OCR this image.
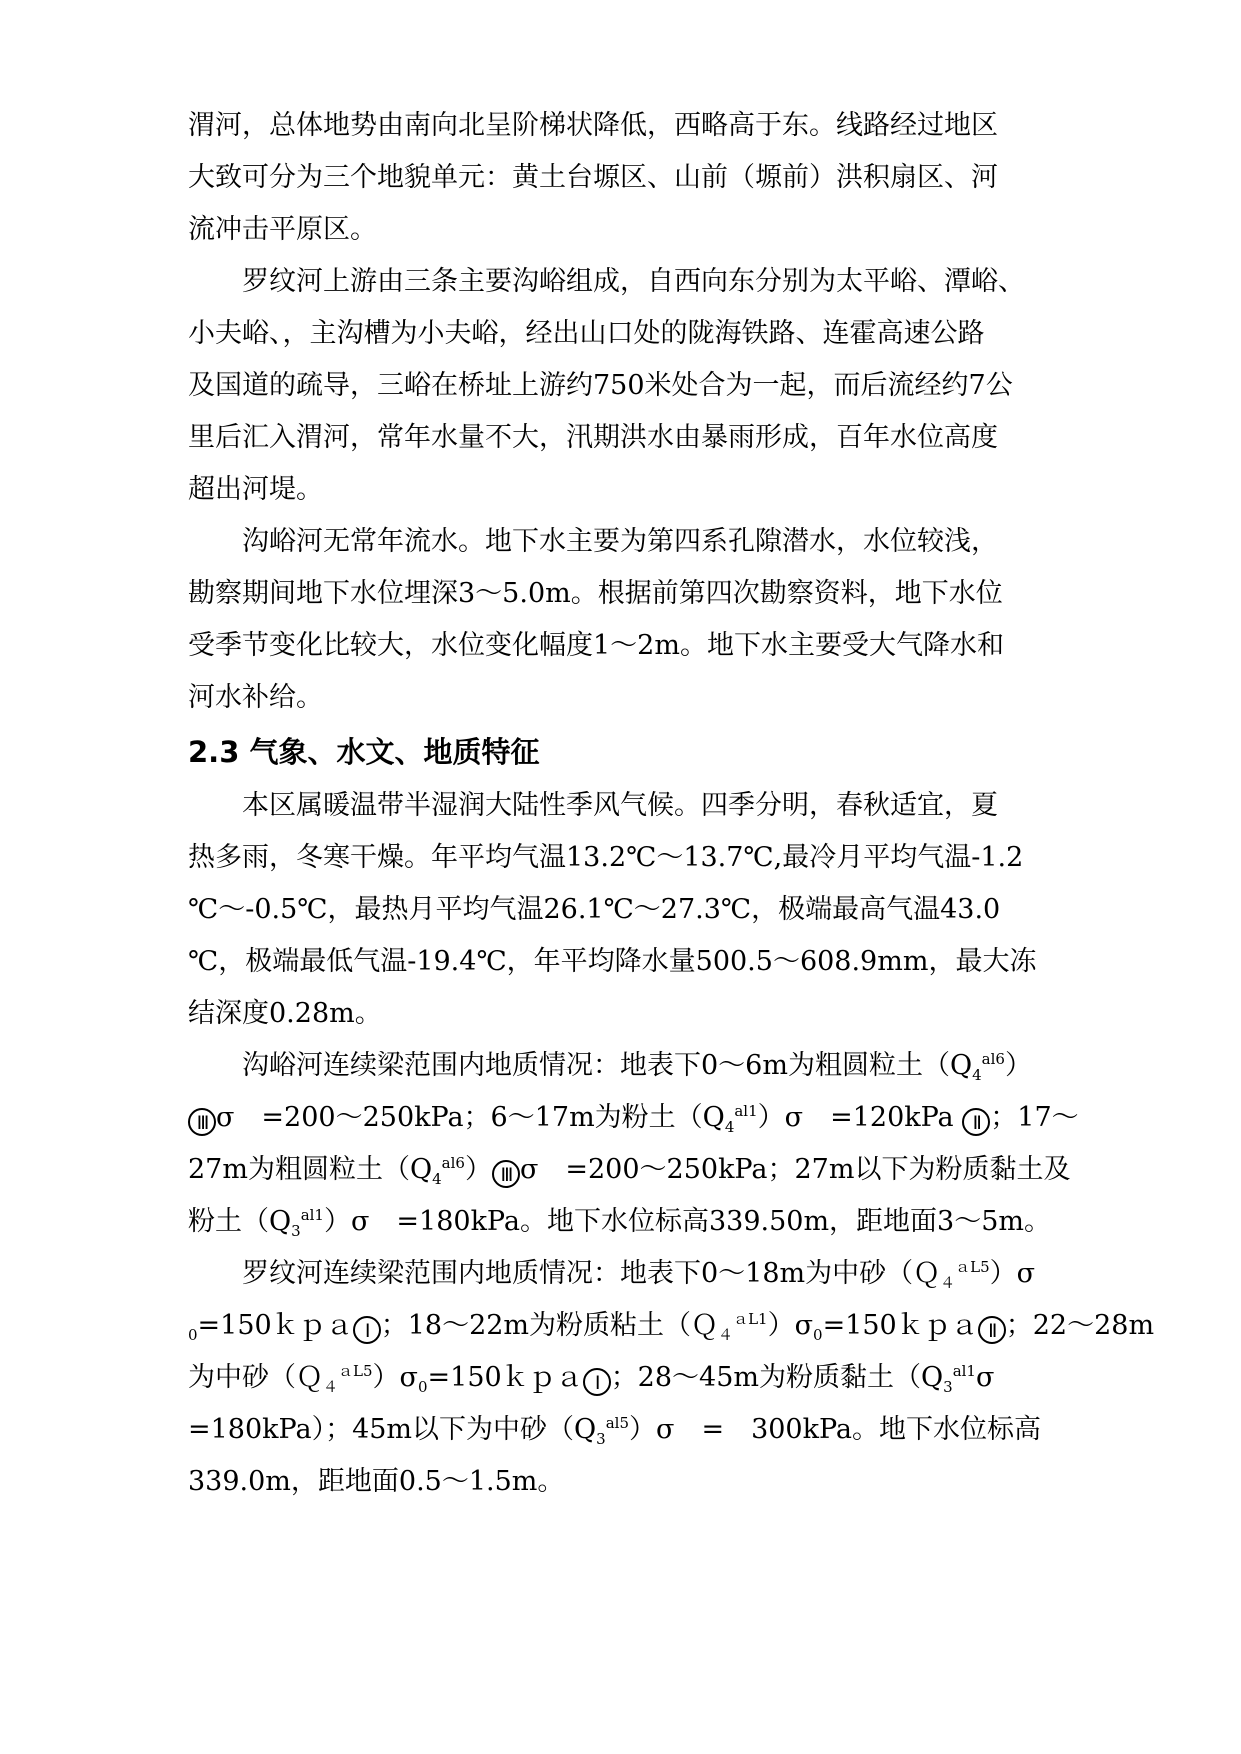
渭河，总体地势由南向北呈阶梯状降低，西略高于东。线路经过地区
大致可分为三个地貌单元：黄土台塬区、山前（塬前）洪积扇区、河
流冲击平原区。
罗纹河上游由三条主要沟峪组成，自西向东分别为太平峪、潭峪、
小夫峪、，主沟槽为小夫峪，经出山口处的陇海铁路、连霍高速公路
及国道的疏导，三峪在桥址上游约750米处合为一起，而后流经约7公
里后汇入渭河，常年水量不大，汛期洪水由暴雨形成，百年水位高度
超出河堤。
沟峪河无常年流水。地下水主要为第四系孔隙潜水，水位较浅，
勘察期间地下水位埋深3～5.0m。根据前第四次勘察资料，地下水位
受季节变化比较大，水位变化幅度1～2m。地下水主要受大气降水和
河水补给。
2.3 气象、水文、地质特征
本区属暖温带半湿润大陆性季风气候。四季分明，春秋适宜，夏
热多雨，冬寒干燥。年平均气温13.2℃～13.7℃,最冷月平均气温-1.2
℃～-0.5℃，最热月平均气温26.1℃～27.3℃，极端最高气温43.0
℃，极端最低气温-19.4℃，年平均降水量500.5～608.9mm，最大冻
结深度0.28m。
沟峪河连续梁范围内地质情况：地表下0～6m为粗圆粒土$(Q_4^{al6})$
III σ　=200～250kPa；6～17m为粉土$(Q_4^{al1})\sigma$　=120kPa II ；17～
27m为粗圆粒土$(Q_4^{al6})$ III σ　=200～250kPa；27m以下为粉质黏土及
粉土$(Q_3^{al1})\sigma$　=180kPa。地下水位标高339.50m，距地面3～5m。
罗纹河连续梁范围内地质情况：地表下0～18m为中砂（Ｑ$_4^{aL5}$）σ
$_0$=150ｋｐａ I ；18～22m为粉质粘土$(Q_4^{aL1})\sigma_0=150kpa$ II ；22～28m
为中砂$(Q_4^{aL5})\sigma_0=150kpa$ I ；28～45m为粉质黏土（$Q_3^{al1}\sigma$
=180kPa）；45m以下为中砂$(Q_3^{al5})\sigma$　=　300kPa。地下水位标高
339.0m，距地面0.5～1.5m。
